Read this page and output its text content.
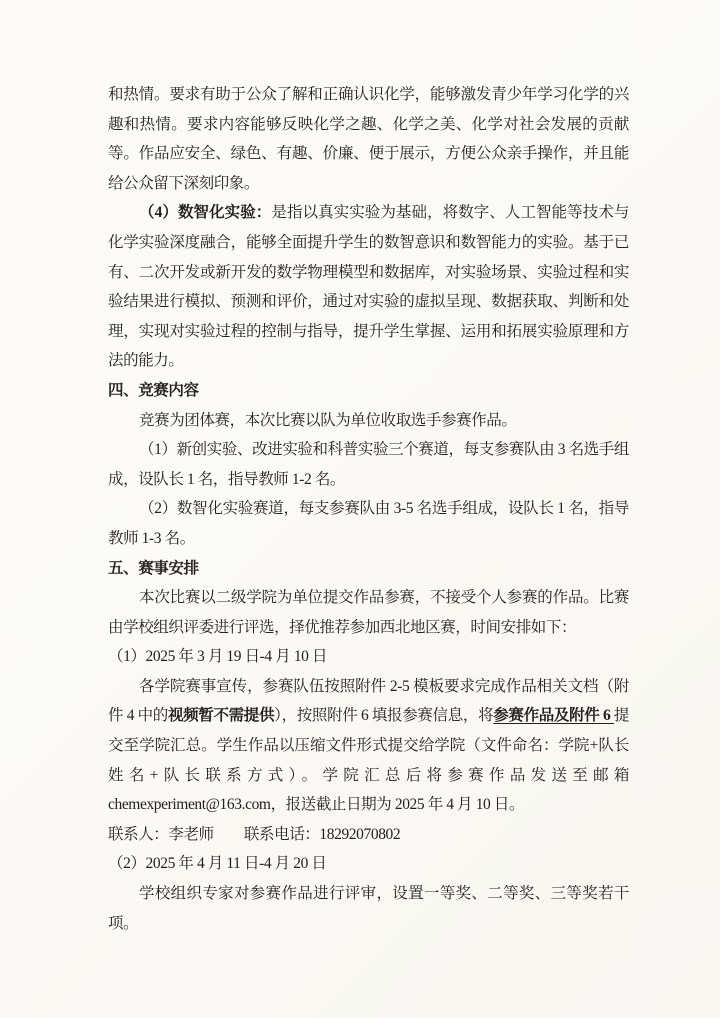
和热情。要求有助于公众了解和正确认识化学，能够激发青少年学习化学的兴趣和热情。要求内容能够反映化学之趣、化学之美、化学对社会发展的贡献等。作品应安全、绿色、有趣、价廉、便于展示，方便公众亲手操作，并且能给公众留下深刻印象。

（4）数智化实验：是指以真实实验为基础，将数字、人工智能等技术与化学实验深度融合，能够全面提升学生的数智意识和数智能力的实验。基于已有、二次开发或新开发的数学物理模型和数据库，对实验场景、实验过程和实验结果进行模拟、预测和评价，通过对实验的虚拟呈现、数据获取、判断和处理，实现对实验过程的控制与指导，提升学生掌握、运用和拓展实验原理和方法的能力。

四、竞赛内容

竞赛为团体赛，本次比赛以队为单位收取选手参赛作品。

（1）新创实验、改进实验和科普实验三个赛道，每支参赛队由 3 名选手组成，设队长 1 名，指导教师 1-2 名。

（2）数智化实验赛道，每支参赛队由 3-5 名选手组成，设队长 1 名，指导教师 1-3 名。

五、赛事安排

本次比赛以二级学院为单位提交作品参赛，不接受个人参赛的作品。比赛由学校组织评委进行评选，择优推荐参加西北地区赛，时间安排如下：

（1）2025 年 3 月 19 日-4 月 10 日

各学院赛事宣传，参赛队伍按照附件 2-5 模板要求完成作品相关文档（附件 4 中的视频暂不需提供），按照附件 6 填报参赛信息，将参赛作品及附件 6 提交至学院汇总。学生作品以压缩文件形式提交给学院（文件命名：学院+队长姓名+队长联系方式）。学院汇总后将参赛作品发送至邮箱 chemexperiment@163.com，报送截止日期为 2025 年 4 月 10 日。

联系人：李老师　　联系电话：18292070802

（2）2025 年 4 月 11 日-4 月 20 日

学校组织专家对参赛作品进行评审，设置一等奖、二等奖、三等奖若干项。
